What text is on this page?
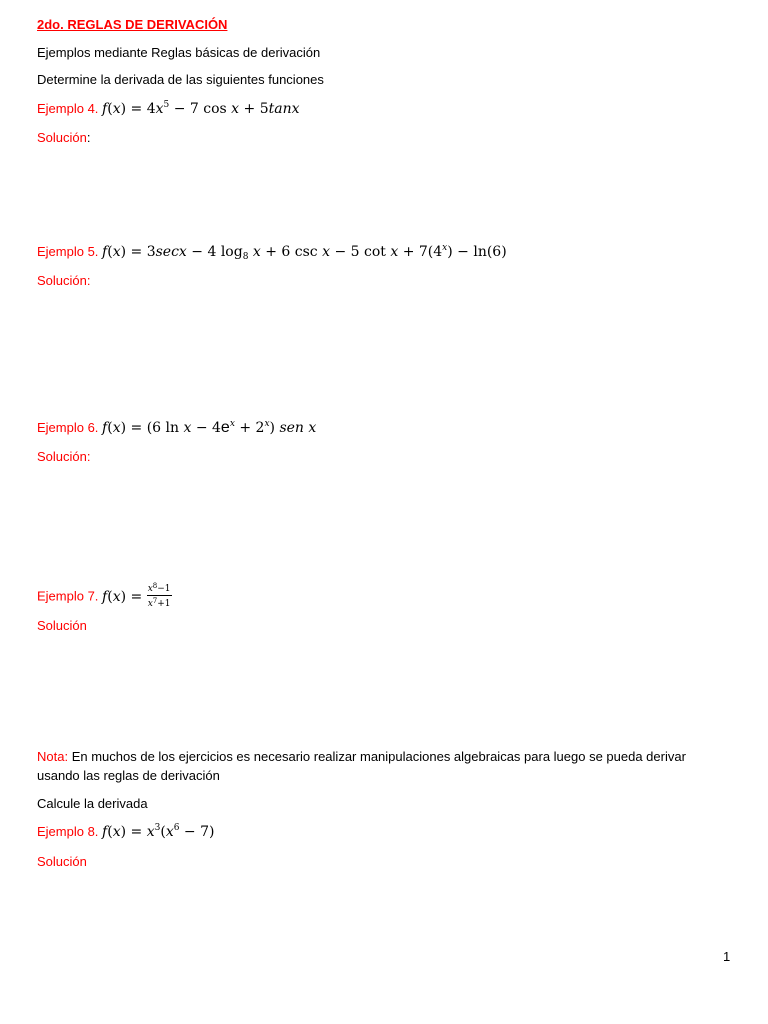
2do. REGLAS DE DERIVACIÓN
Ejemplos mediante Reglas básicas de derivación
Determine la derivada de las siguientes funciones
Ejemplo 4. $f(x) = 4x^5 - 7$ cos x + 5tanx
Solución:
Ejemplo 5. f(x) = 3secx − 4 $\log_8 x + 6$ csc x − 5 $\cot x + 7(4^x) - \ln(6)$
Solución:
Ejemplo 6. f(x) = (6 $\ln x - 4e^x + 2^x$) sen x
Solución:
Ejemplo 7. $f(x) = \frac{x^8-1}{x^7+1}$
Solución
Nota: En muchos de los ejercicios es necesario realizar manipulaciones algebraicas para luego se pueda derivar usando las reglas de derivación
Calcule la derivada
Ejemplo 8. $f(x) = x^3(x^6 - 7)$
Solución
1
